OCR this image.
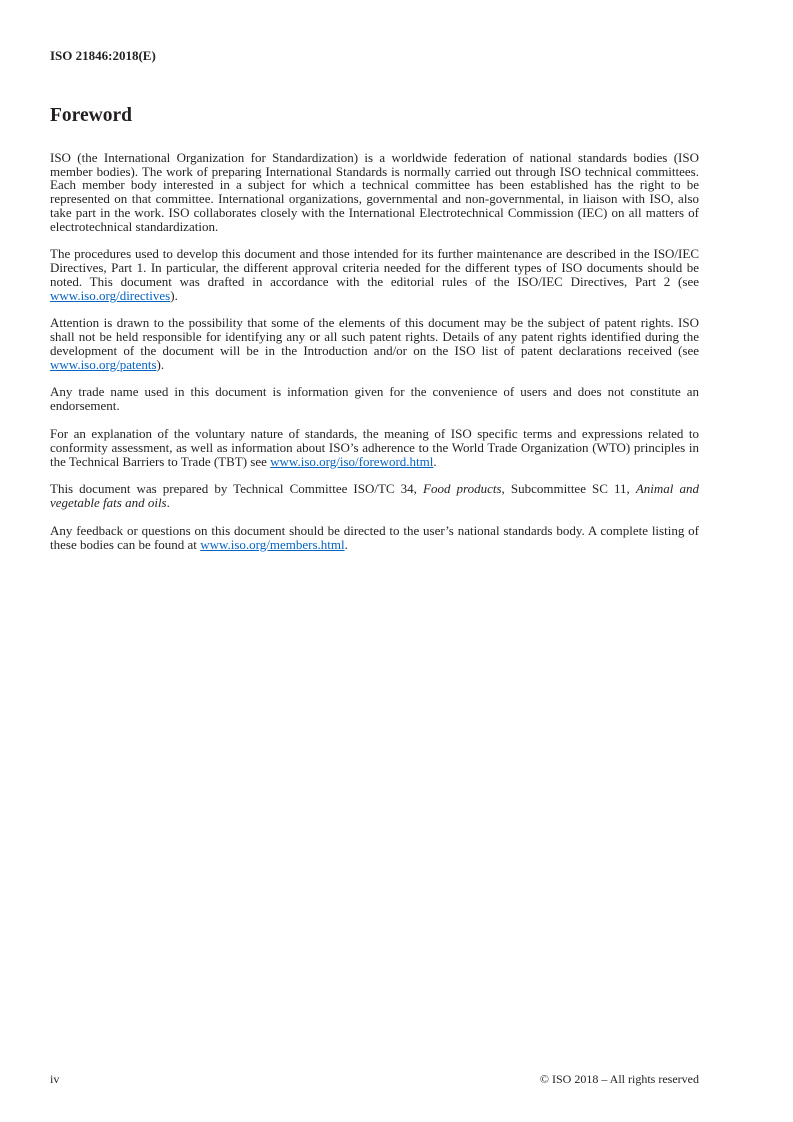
ISO 21846:2018(E)
Foreword

ISO (the International Organization for Standardization) is a worldwide federation of national standards bodies (ISO member bodies). The work of preparing International Standards is normally carried out through ISO technical committees. Each member body interested in a subject for which a technical committee has been established has the right to be represented on that committee. International organizations, governmental and non-governmental, in liaison with ISO, also take part in the work. ISO collaborates closely with the International Electrotechnical Commission (IEC) on all matters of electrotechnical standardization.

The procedures used to develop this document and those intended for its further maintenance are described in the ISO/IEC Directives, Part 1. In particular, the different approval criteria needed for the different types of ISO documents should be noted. This document was drafted in accordance with the editorial rules of the ISO/IEC Directives, Part 2 (see www.iso.org/directives).

Attention is drawn to the possibility that some of the elements of this document may be the subject of patent rights. ISO shall not be held responsible for identifying any or all such patent rights. Details of any patent rights identified during the development of the document will be in the Introduction and/or on the ISO list of patent declarations received (see www.iso.org/patents).

Any trade name used in this document is information given for the convenience of users and does not constitute an endorsement.

For an explanation of the voluntary nature of standards, the meaning of ISO specific terms and expressions related to conformity assessment, as well as information about ISO’s adherence to the World Trade Organization (WTO) principles in the Technical Barriers to Trade (TBT) see www.iso.org/iso/foreword.html.

This document was prepared by Technical Committee ISO/TC 34, Food products, Subcommittee SC 11, Animal and vegetable fats and oils.

Any feedback or questions on this document should be directed to the user’s national standards body. A complete listing of these bodies can be found at www.iso.org/members.html.

iv	© ISO 2018 – All rights reserved
